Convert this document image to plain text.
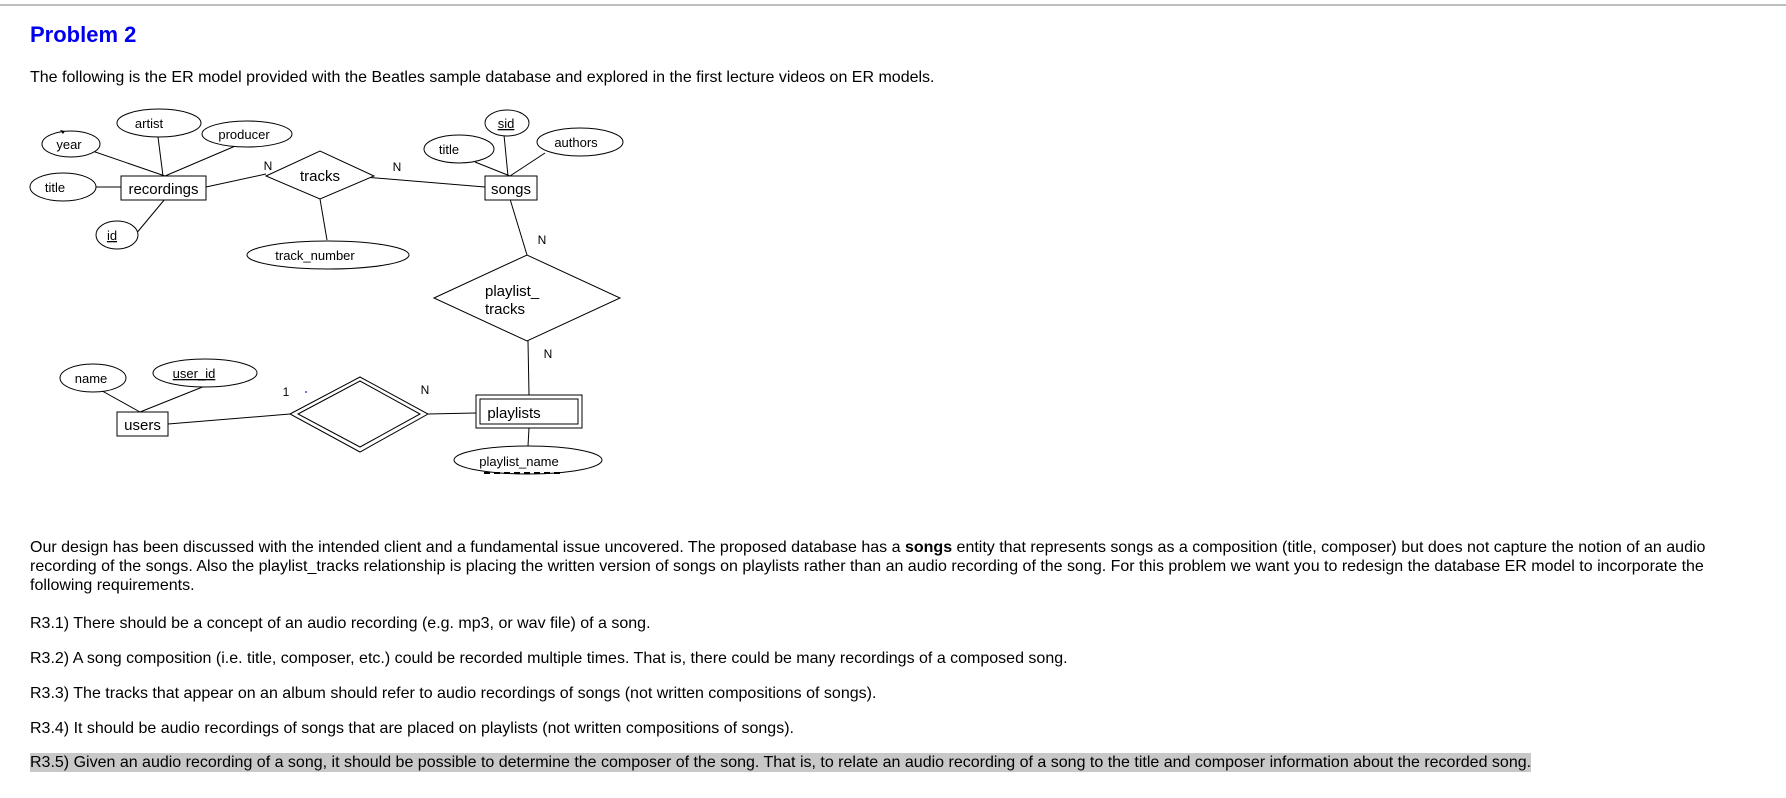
Problem 2

The following is the ER model provided with the Beatles sample database and explored in the first lecture videos on ER models.

recordings	songs
users
playlists
tracks
playlist_
tracks
year
artist
producer
title
id
track_number
title
sid
authors
name	user_id
playlist_name
N	N
N
N
1	N

Our design has been discussed with the intended client and a fundamental issue uncovered. The proposed database has a songs entity that represents songs as a composition (title, composer) but does not capture the notion of an audio recording of the songs. Also the playlist_tracks relationship is placing the written version of songs on playlists rather than an audio recording of the song. For this problem we want you to redesign the database ER model to incorporate the following requirements.

R3.1) There should be a concept of an audio recording (e.g. mp3, or wav file) of a song.

R3.2) A song composition (i.e. title, composer, etc.) could be recorded multiple times. That is, there could be many recordings of a composed song.

R3.3) The tracks that appear on an album should refer to audio recordings of songs (not written compositions of songs).

R3.4) It should be audio recordings of songs that are placed on playlists (not written compositions of songs).

R3.5) Given an audio recording of a song, it should be possible to determine the composer of the song. That is, to relate an audio recording of a song to the title and composer information about the recorded song.
